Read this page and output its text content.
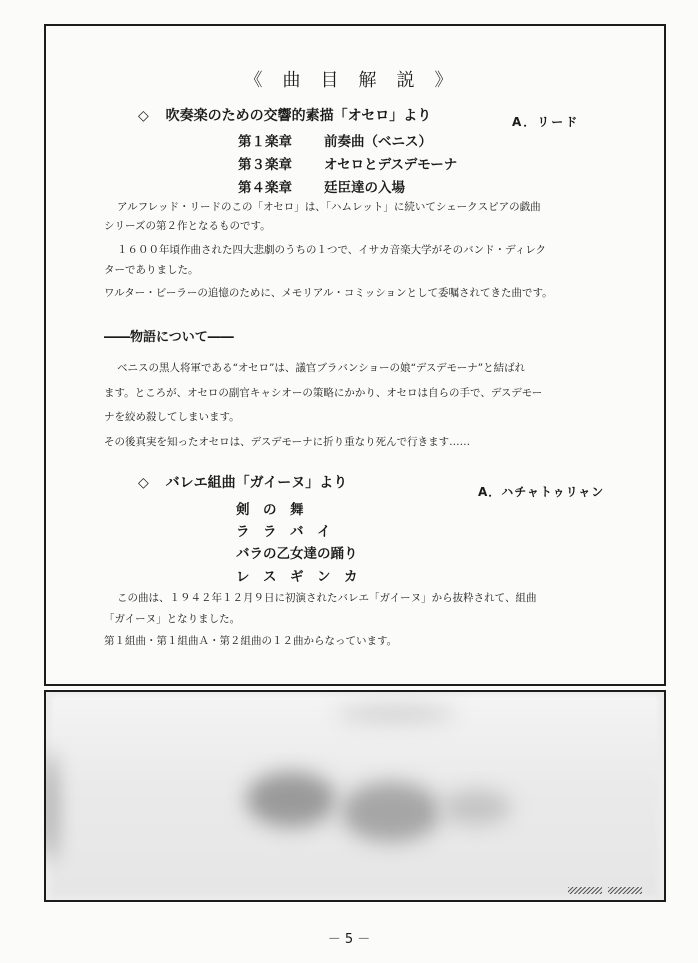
《　曲　目　解　説　》
◇ 吹奏楽のための交響的素描「オセロ」より	A．リード
第１楽章 前奏曲（ベニス）
第３楽章 オセロとデスデモーナ
第４楽章 廷臣達の入場
アルフレッド・リードのこの「オセロ」は、「ハムレット」に続いてシェークスピアの戯曲
シリーズの第２作となるものです。
１６００年頃作曲された四大悲劇のうちの１つで、イサカ音楽大学がそのバンド・ディレク
ターでありました。
ワルター・ビーラーの追憶のために、メモリアル・コミッションとして委嘱されてきた曲です。
――物語について――
ベニスの黒人将軍である“オセロ”は、議官ブラバンショーの娘“デスデモーナ”と結ばれ
ます。ところが、オセロの副官キャシオーの策略にかかり、オセロは自らの手で、デスデモー
ナを絞め殺してしまいます。
その後真実を知ったオセロは、デスデモーナに折り重なり死んで行きます……
◇ バレエ組曲「ガイーヌ」より
A．ハチャトゥリャン
剣　の　舞
ラ　ラ　バ　イ
バラの乙女達の踊り
レ　ス　ギ　ン　カ
この曲は、１９４２年１２月９日に初演されたバレエ「ガイーヌ」から抜粋されて、組曲
「ガイーヌ」となりました。
第１組曲・第１組曲Ａ・第２組曲の１２曲からなっています。
－ 5 －
